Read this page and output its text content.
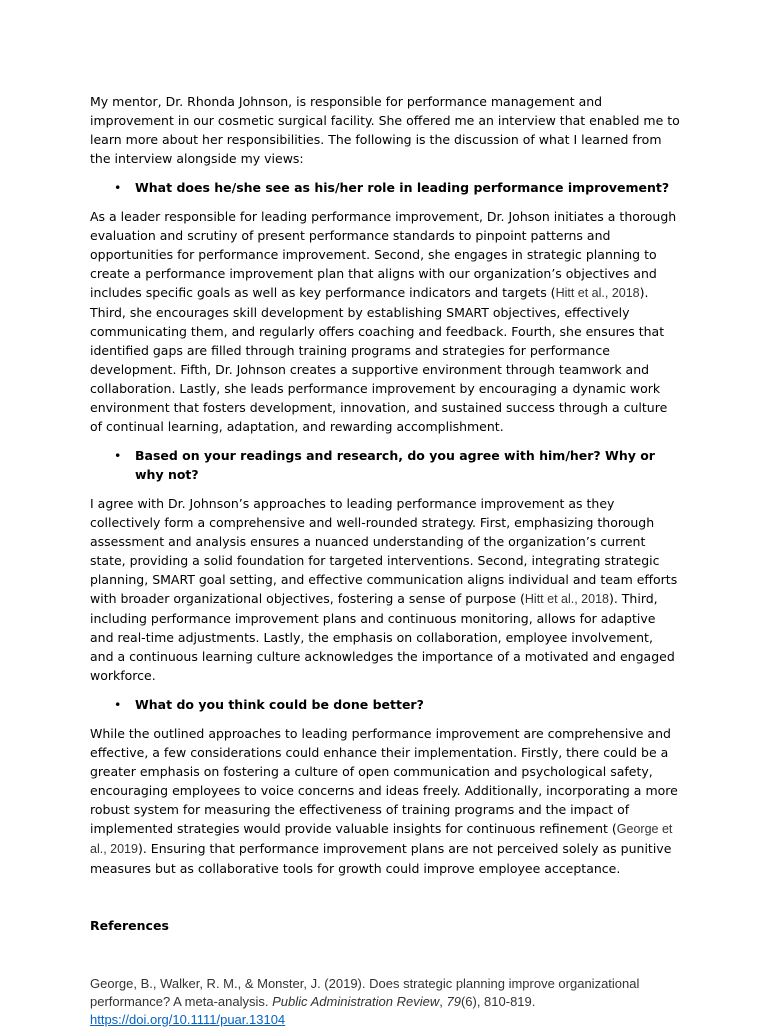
My mentor, Dr. Rhonda Johnson, is responsible for performance management and improvement in our cosmetic surgical facility. She offered me an interview that enabled me to learn more about her responsibilities. The following is the discussion of what I learned from the interview alongside my views:

• What does he/she see as his/her role in leading performance improvement?

As a leader responsible for leading performance improvement, Dr. Johson initiates a thorough evaluation and scrutiny of present performance standards to pinpoint patterns and opportunities for performance improvement. Second, she engages in strategic planning to create a performance improvement plan that aligns with our organization’s objectives and includes specific goals as well as key performance indicators and targets (Hitt et al., 2018). Third, she encourages skill development by establishing SMART objectives, effectively communicating them, and regularly offers coaching and feedback. Fourth, she ensures that identified gaps are filled through training programs and strategies for performance development. Fifth, Dr. Johnson creates a supportive environment through teamwork and collaboration. Lastly, she leads performance improvement by encouraging a dynamic work environment that fosters development, innovation, and sustained success through a culture of continual learning, adaptation, and rewarding accomplishment.

• Based on your readings and research, do you agree with him/her? Why or why not?

I agree with Dr. Johnson’s approaches to leading performance improvement as they collectively form a comprehensive and well-rounded strategy. First, emphasizing thorough assessment and analysis ensures a nuanced understanding of the organization’s current state, providing a solid foundation for targeted interventions. Second, integrating strategic planning, SMART goal setting, and effective communication aligns individual and team efforts with broader organizational objectives, fostering a sense of purpose (Hitt et al., 2018). Third, including performance improvement plans and continuous monitoring, allows for adaptive and real-time adjustments. Lastly, the emphasis on collaboration, employee involvement, and a continuous learning culture acknowledges the importance of a motivated and engaged workforce.

• What do you think could be done better?

While the outlined approaches to leading performance improvement are comprehensive and effective, a few considerations could enhance their implementation. Firstly, there could be a greater emphasis on fostering a culture of open communication and psychological safety, encouraging employees to voice concerns and ideas freely. Additionally, incorporating a more robust system for measuring the effectiveness of training programs and the impact of implemented strategies would provide valuable insights for continuous refinement (George et al., 2019). Ensuring that performance improvement plans are not perceived solely as punitive measures but as collaborative tools for growth could improve employee acceptance.

References
George, B., Walker, R. M., & Monster, J. (2019). Does strategic planning improve organizational performance? A meta-analysis. Public Administration Review, 79(6), 810-819.
https://doi.org/10.1111/puar.13104
